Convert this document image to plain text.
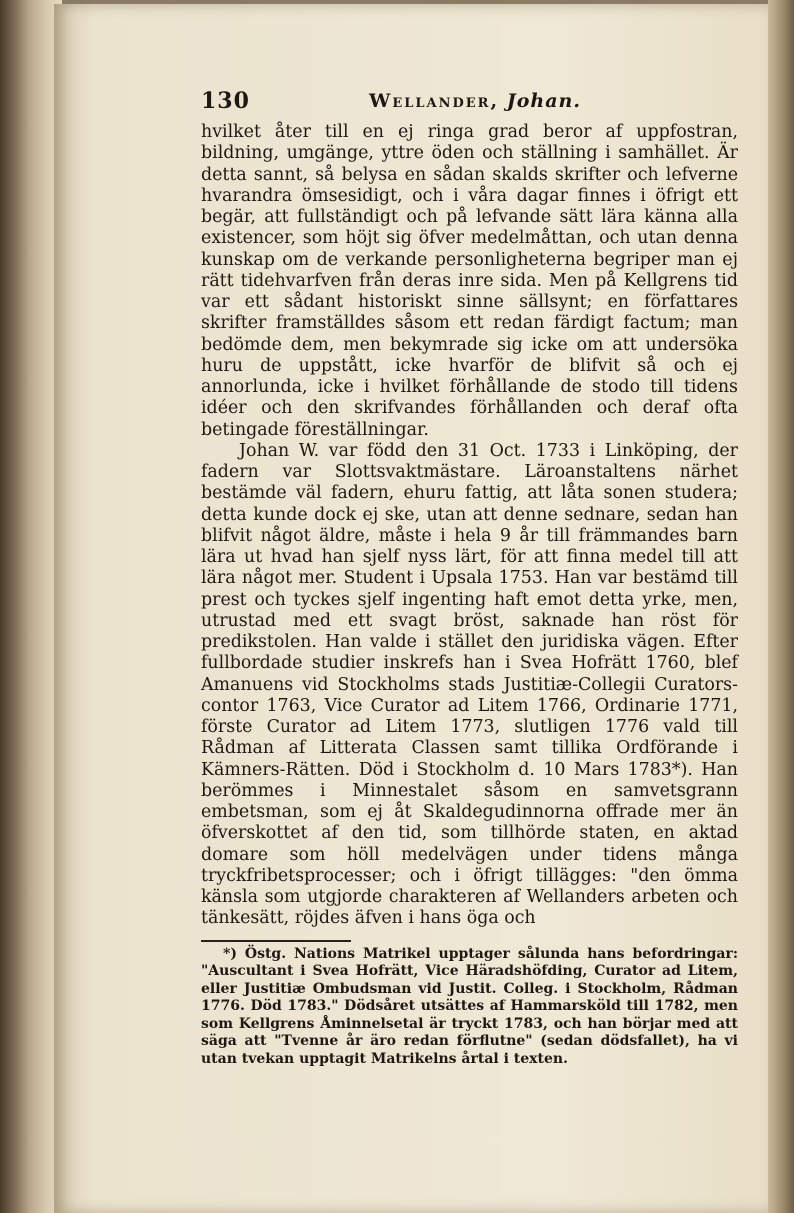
130	Wellander, Johan.

hvilket åter till en ej ringa grad beror af uppfostran, bildning, umgänge, yttre öden och ställning i samhället. Är detta sannt, så belysa en sådan skalds skrifter och lefverne hvarandra ömsesidigt, och i våra dagar finnes i öfrigt ett begär, att fullständigt och på lefvande sätt lära känna alla existencer, som höjt sig öfver medelmåttan, och utan denna kunskap om de verkande personligheterna begriper man ej rätt tidehvarfven från deras inre sida. Men på Kellgrens tid var ett sådant historiskt sinne sällsynt; en författares skrifter framställdes såsom ett redan färdigt factum; man bedömde dem, men bekymrade sig icke om att undersöka huru de uppstått, icke hvarför de blifvit så och ej annorlunda, icke i hvilket förhållande de stodo till tidens idéer och den skrifvandes förhållanden och deraf ofta betingade föreställningar.

Johan W. var född den 31 Oct. 1733 i Linköping, der fadern var Slottsvaktmästare. Läroanstaltens närhet bestämde väl fadern, ehuru fattig, att låta sonen studera; detta kunde dock ej ske, utan att denne sednare, sedan han blifvit något äldre, måste i hela 9 år till främmandes barn lära ut hvad han sjelf nyss lärt, för att finna medel till att lära något mer. Student i Upsala 1753. Han var bestämd till prest och tyckes sjelf ingenting haft emot detta yrke, men, utrustad med ett svagt bröst, saknade han röst för predikstolen. Han valde i stället den juridiska vägen. Efter fullbordade studier inskrefs han i Svea Hofrätt 1760, blef Amanuens vid Stockholms stads Justitiæ-Collegii Curators-contor 1763, Vice Curator ad Litem 1766, Ordinarie 1771, förste Curator ad Litem 1773, slutligen 1776 vald till Rådman af Litterata Classen samt tillika Ordförande i Kämners-Rätten. Död i Stockholm d. 10 Mars 1783*). Han berömmes i Minnestalet såsom en samvetsgrann embetsman, som ej åt Skaldegudinnorna offrade mer än öfverskottet af den tid, som tillhörde staten, en aktad domare som höll medelvägen under tidens många tryckfribetsprocesser; och i öfrigt tillägges: "den ömma känsla som utgjorde charakteren af Wellanders arbeten och tänkesätt, röjdes äfven i hans öga och

*) Östg. Nations Matrikel upptager sålunda hans befordringar: "Auscultant i Svea Hofrätt, Vice Häradshöfding, Curator ad Litem, eller Justitiæ Ombudsman vid Justit. Colleg. i Stockholm, Rådman 1776. Död 1783." Dödsåret utsättes af Hammarsköld till 1782, men som Kellgrens Åminnelsetal är tryckt 1783, och han börjar med att säga att "Tvenne år äro redan förflutne" (sedan dödsfallet), ha vi utan tvekan upptagit Matrikelns årtal i texten.
